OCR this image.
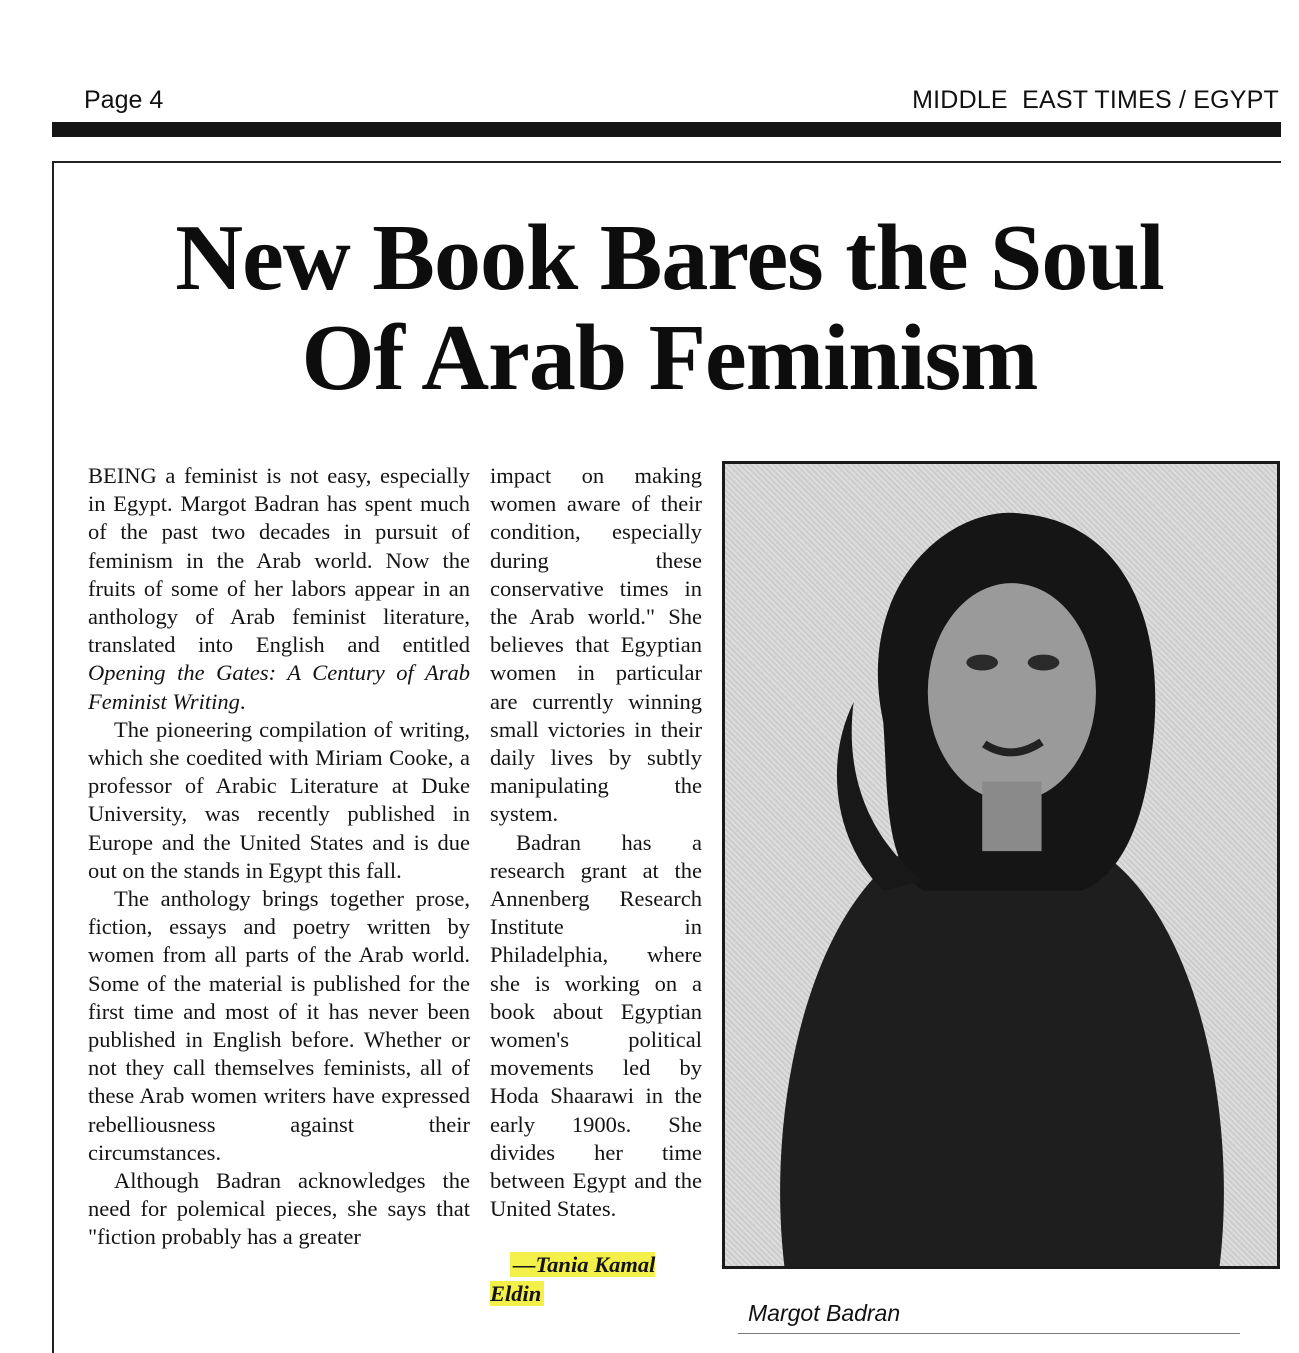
Page 4	MIDDLE  EAST TIMES / EGYPT
New Book Bares the Soul
Of Arab Feminism

BEING a feminist is not easy, especially in Egypt. Margot Badran has spent much of the past two decades in pursuit of feminism in the Arab world. Now the fruits of some of her labors appear in an anthology of Arab feminist literature, translated into English and entitled Opening the Gates: A Century of Arab Feminist Writing.

The pioneering compilation of writing, which she coedited with Miriam Cooke, a professor of Arabic Literature at Duke University, was recently published in Europe and the United States and is due out on the stands in Egypt this fall.

The anthology brings together prose, fiction, essays and poetry written by women from all parts of the Arab world. Some of the material is published for the first time and most of it has never been published in English before. Whether or not they call themselves feminists, all of these Arab women writers have expressed rebelliousness against their circumstances.

Although Badran acknowledges the need for polemical pieces, she says that "fiction probably has a greater

impact on making women aware of their condition, especially during these conservative times in the Arab world." She believes that Egyptian women in particular are currently winning small victories in their daily lives by subtly manipulating the system.

Badran has a research grant at the Annenberg Research Institute in Philadelphia, where she is working on a book about Egyptian women's political movements led by Hoda Shaarawi in the early 1900s. She divides her time between Egypt and the United States.

—Tania Kamal Eldin

Margot Badran
